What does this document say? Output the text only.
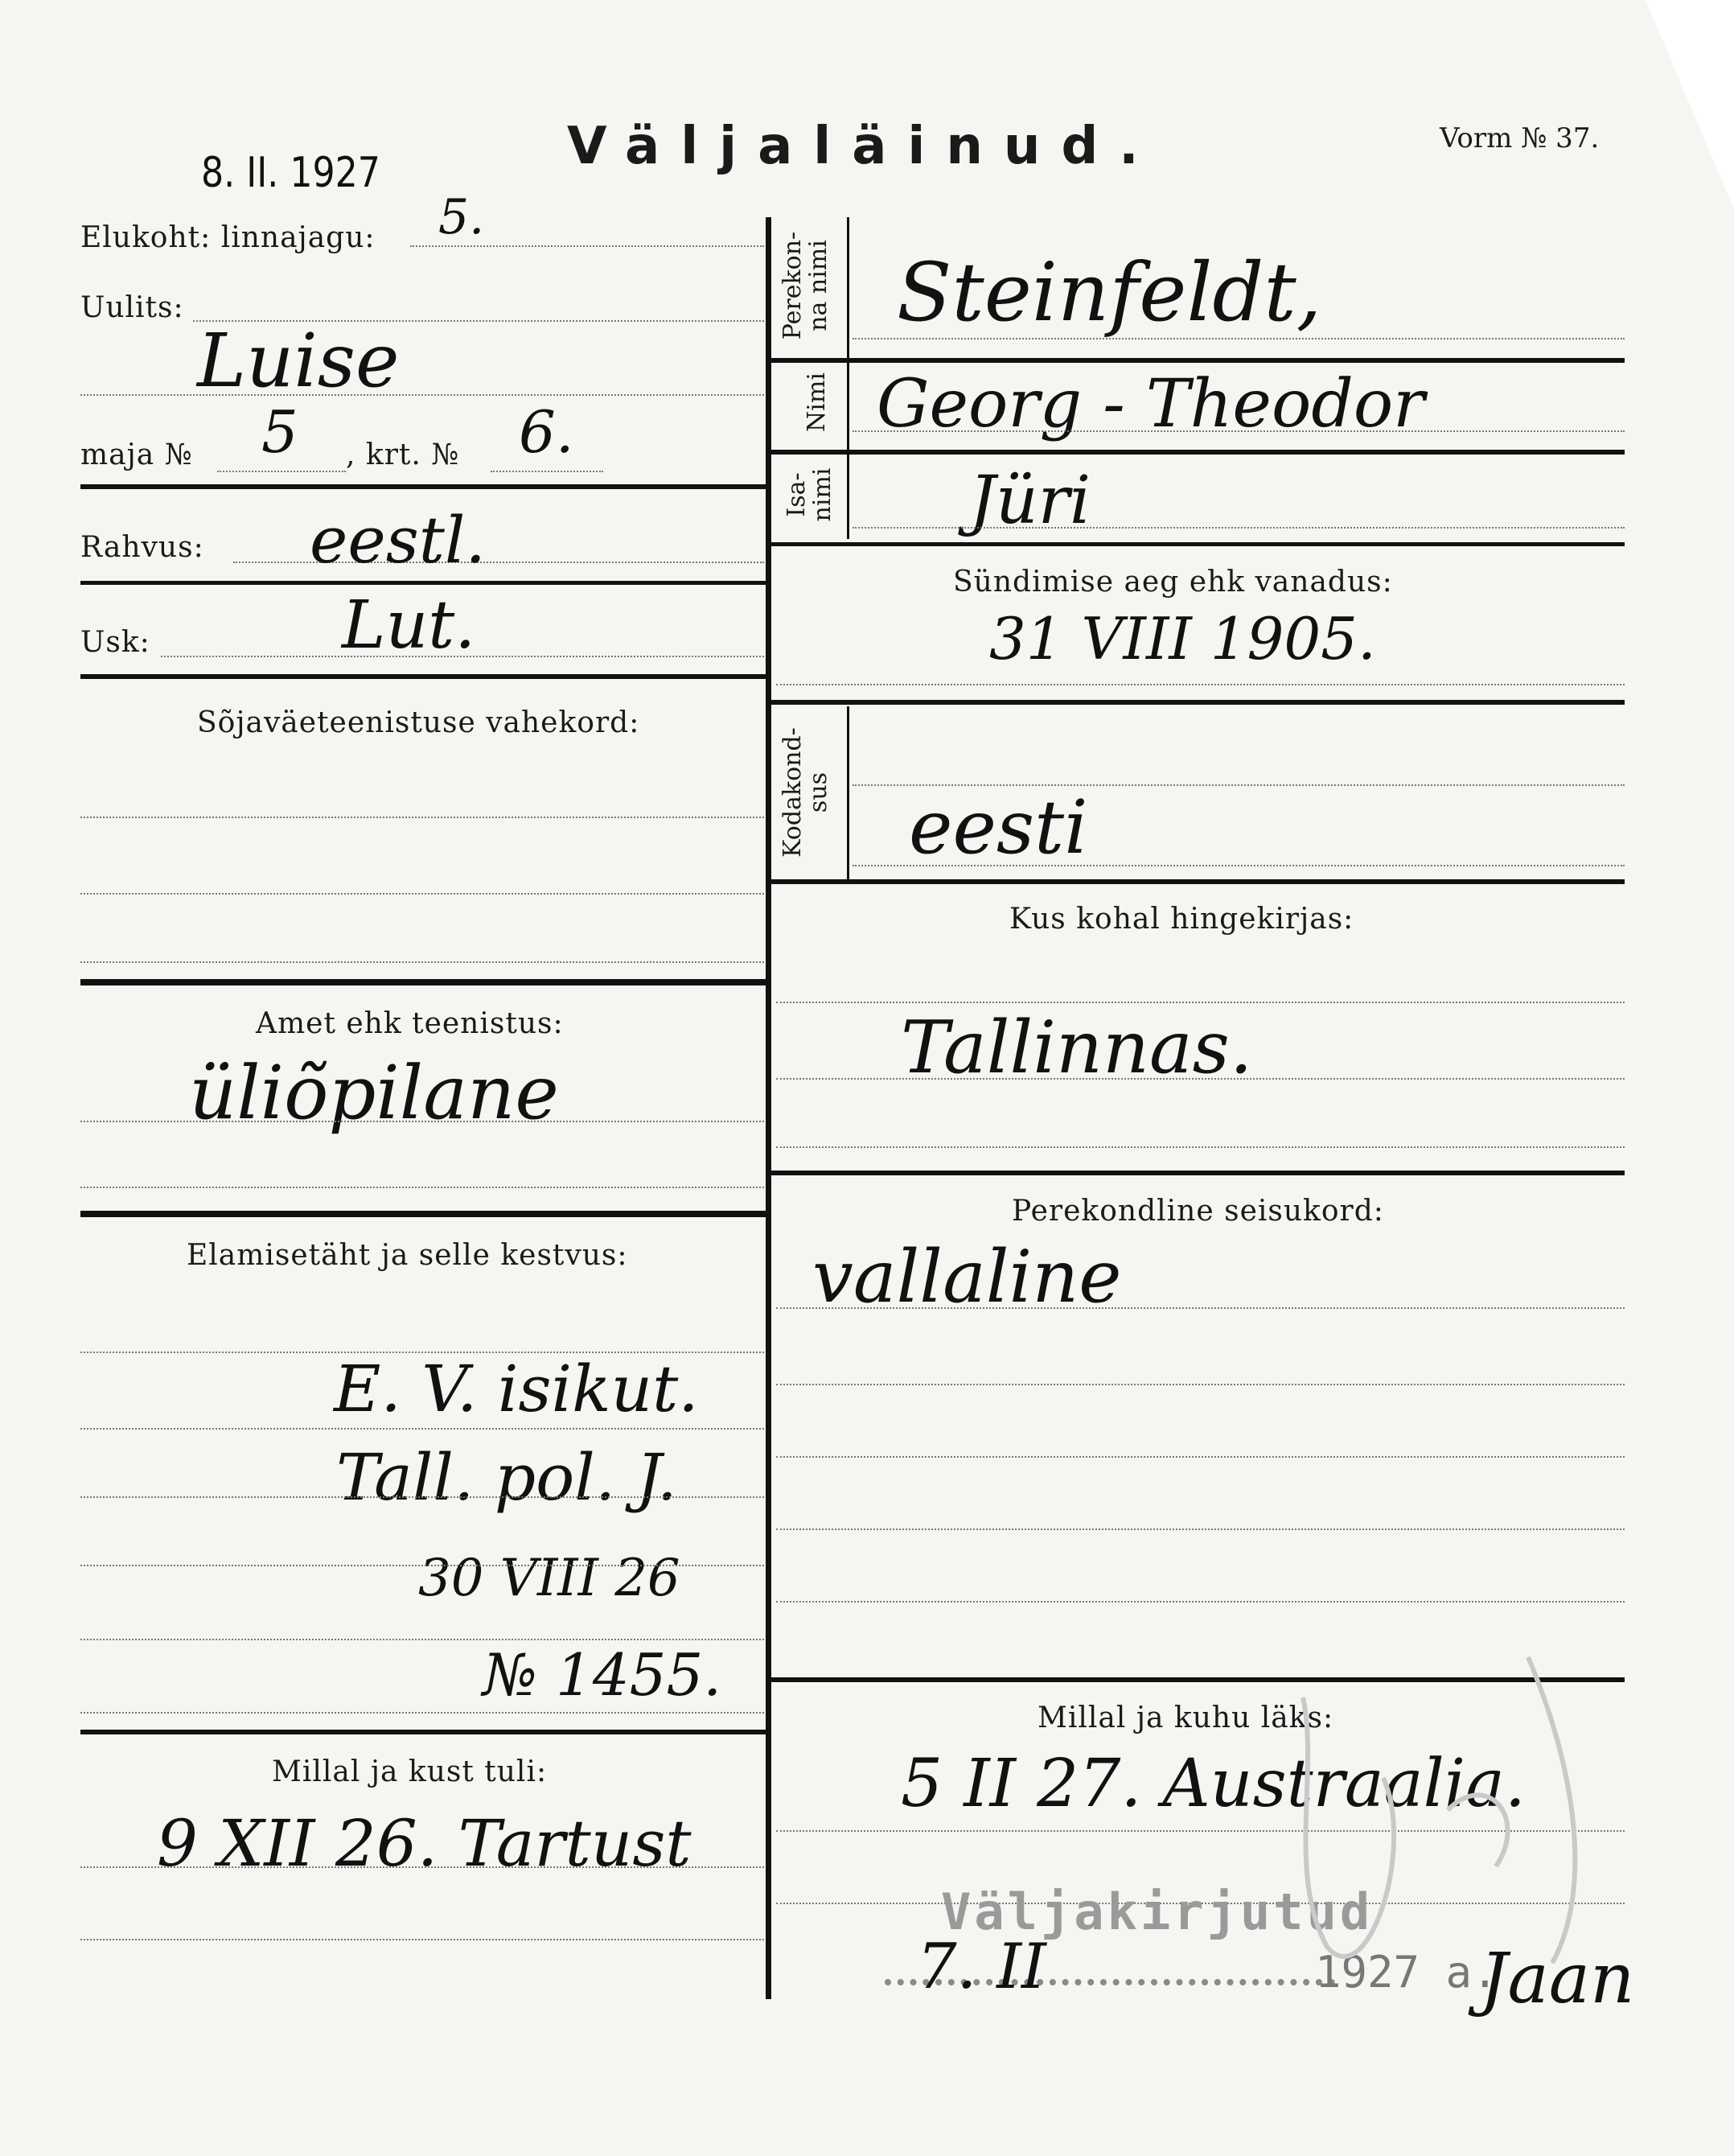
8. II. 1927	Väljaläinud.	Vorm № 37.
Elukoht: linnajagu: 5.
Uulits:
Luise
maja № 5 , krt. № 6.
Rahvus: eestl.
Usk:	Lut.
Sõjaväeteenistuse vahekord:
Amet ehk teenistus:
üliõpilane
Elamisetäht ja selle kestvus:
E. V. isikut.
Tall. pol. J.
30 VIII 26
№ 1455.
Millal ja kust tuli:
9 XII 26. Tartust
Perekon-
na nimi Steinfeldt,
Nimi Georg - Theodor
Isa-
nimi Jüri
Sündimise aeg ehk vanadus:
31 VIII 1905.
Kodakond-
sus eesti
Kus kohal hingekirjas:
Tallinnas.
Perekondline seisukord:
vallaline
Millal ja kuhu läks:
5 II 27. Austraalia.
Väljakirjutud
7. II	1927 a.
Jaan
